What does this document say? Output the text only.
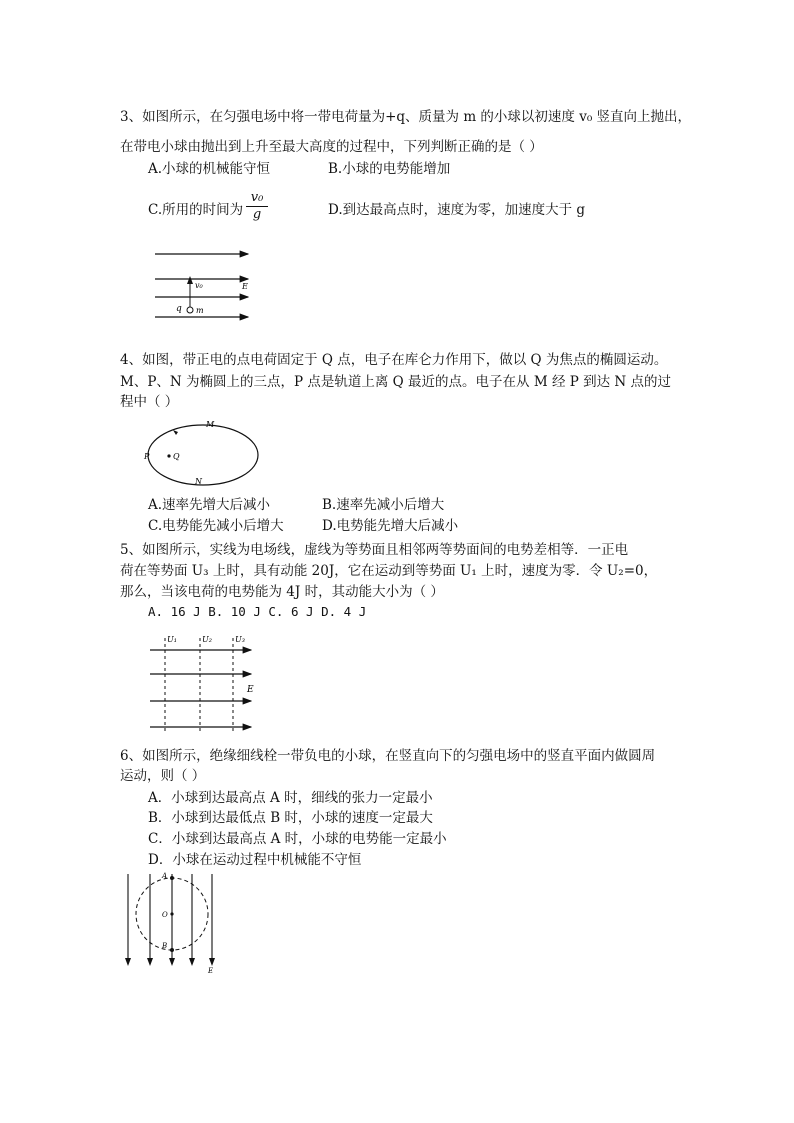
3、如图所示，在匀强电场中将一带电荷量为+q、质量为 m 的小球以初速度 v₀ 竖直向上抛出，
在带电小球由抛出到上升至最大高度的过程中，下列判断正确的是（ ）
A.小球的机械能守恒	B.小球的电势能增加
C.所用的时间为 $\frac{\text{v₀}}{g}$	D.到达最高点时，速度为零，加速度大于 g
v₀	E
q m
4、如图，带正电的点电荷固定于 Q 点，电子在库仑力作用下，做以 Q 为焦点的椭圆运动。
M、P、N 为椭圆上的三点，P 点是轨道上离 Q 最近的点。电子在从 M 经 P 到达 N 点的过
程中（ ）
M
P	Q
N
A.速率先增大后减小	B.速率先减小后增大
C.电势能先减小后增大	D.电势能先增大后减小
5、如图所示，实线为电场线，虚线为等势面且相邻两等势面间的电势差相等．一正电
荷在等势面 U₃ 上时，具有动能 20J，它在运动到等势面 U₁ 上时，速度为零．令 U₂=0，
那么，当该电荷的电势能为 4J 时，其动能大小为（ ）
A. 16 J B. 10 J C. 6 J D. 4 J
U₁	U₂	U₃
E
6、如图所示，绝缘细线栓一带负电的小球，在竖直向下的匀强电场中的竖直平面内做圆周
运动，则（ ）
A．小球到达最高点 A 时，细线的张力一定最小
B．小球到达最低点 B 时，小球的速度一定最大
C．小球到达最高点 A 时，小球的电势能一定最小
D．小球在运动过程中机械能不守恒
A
O
B
E
